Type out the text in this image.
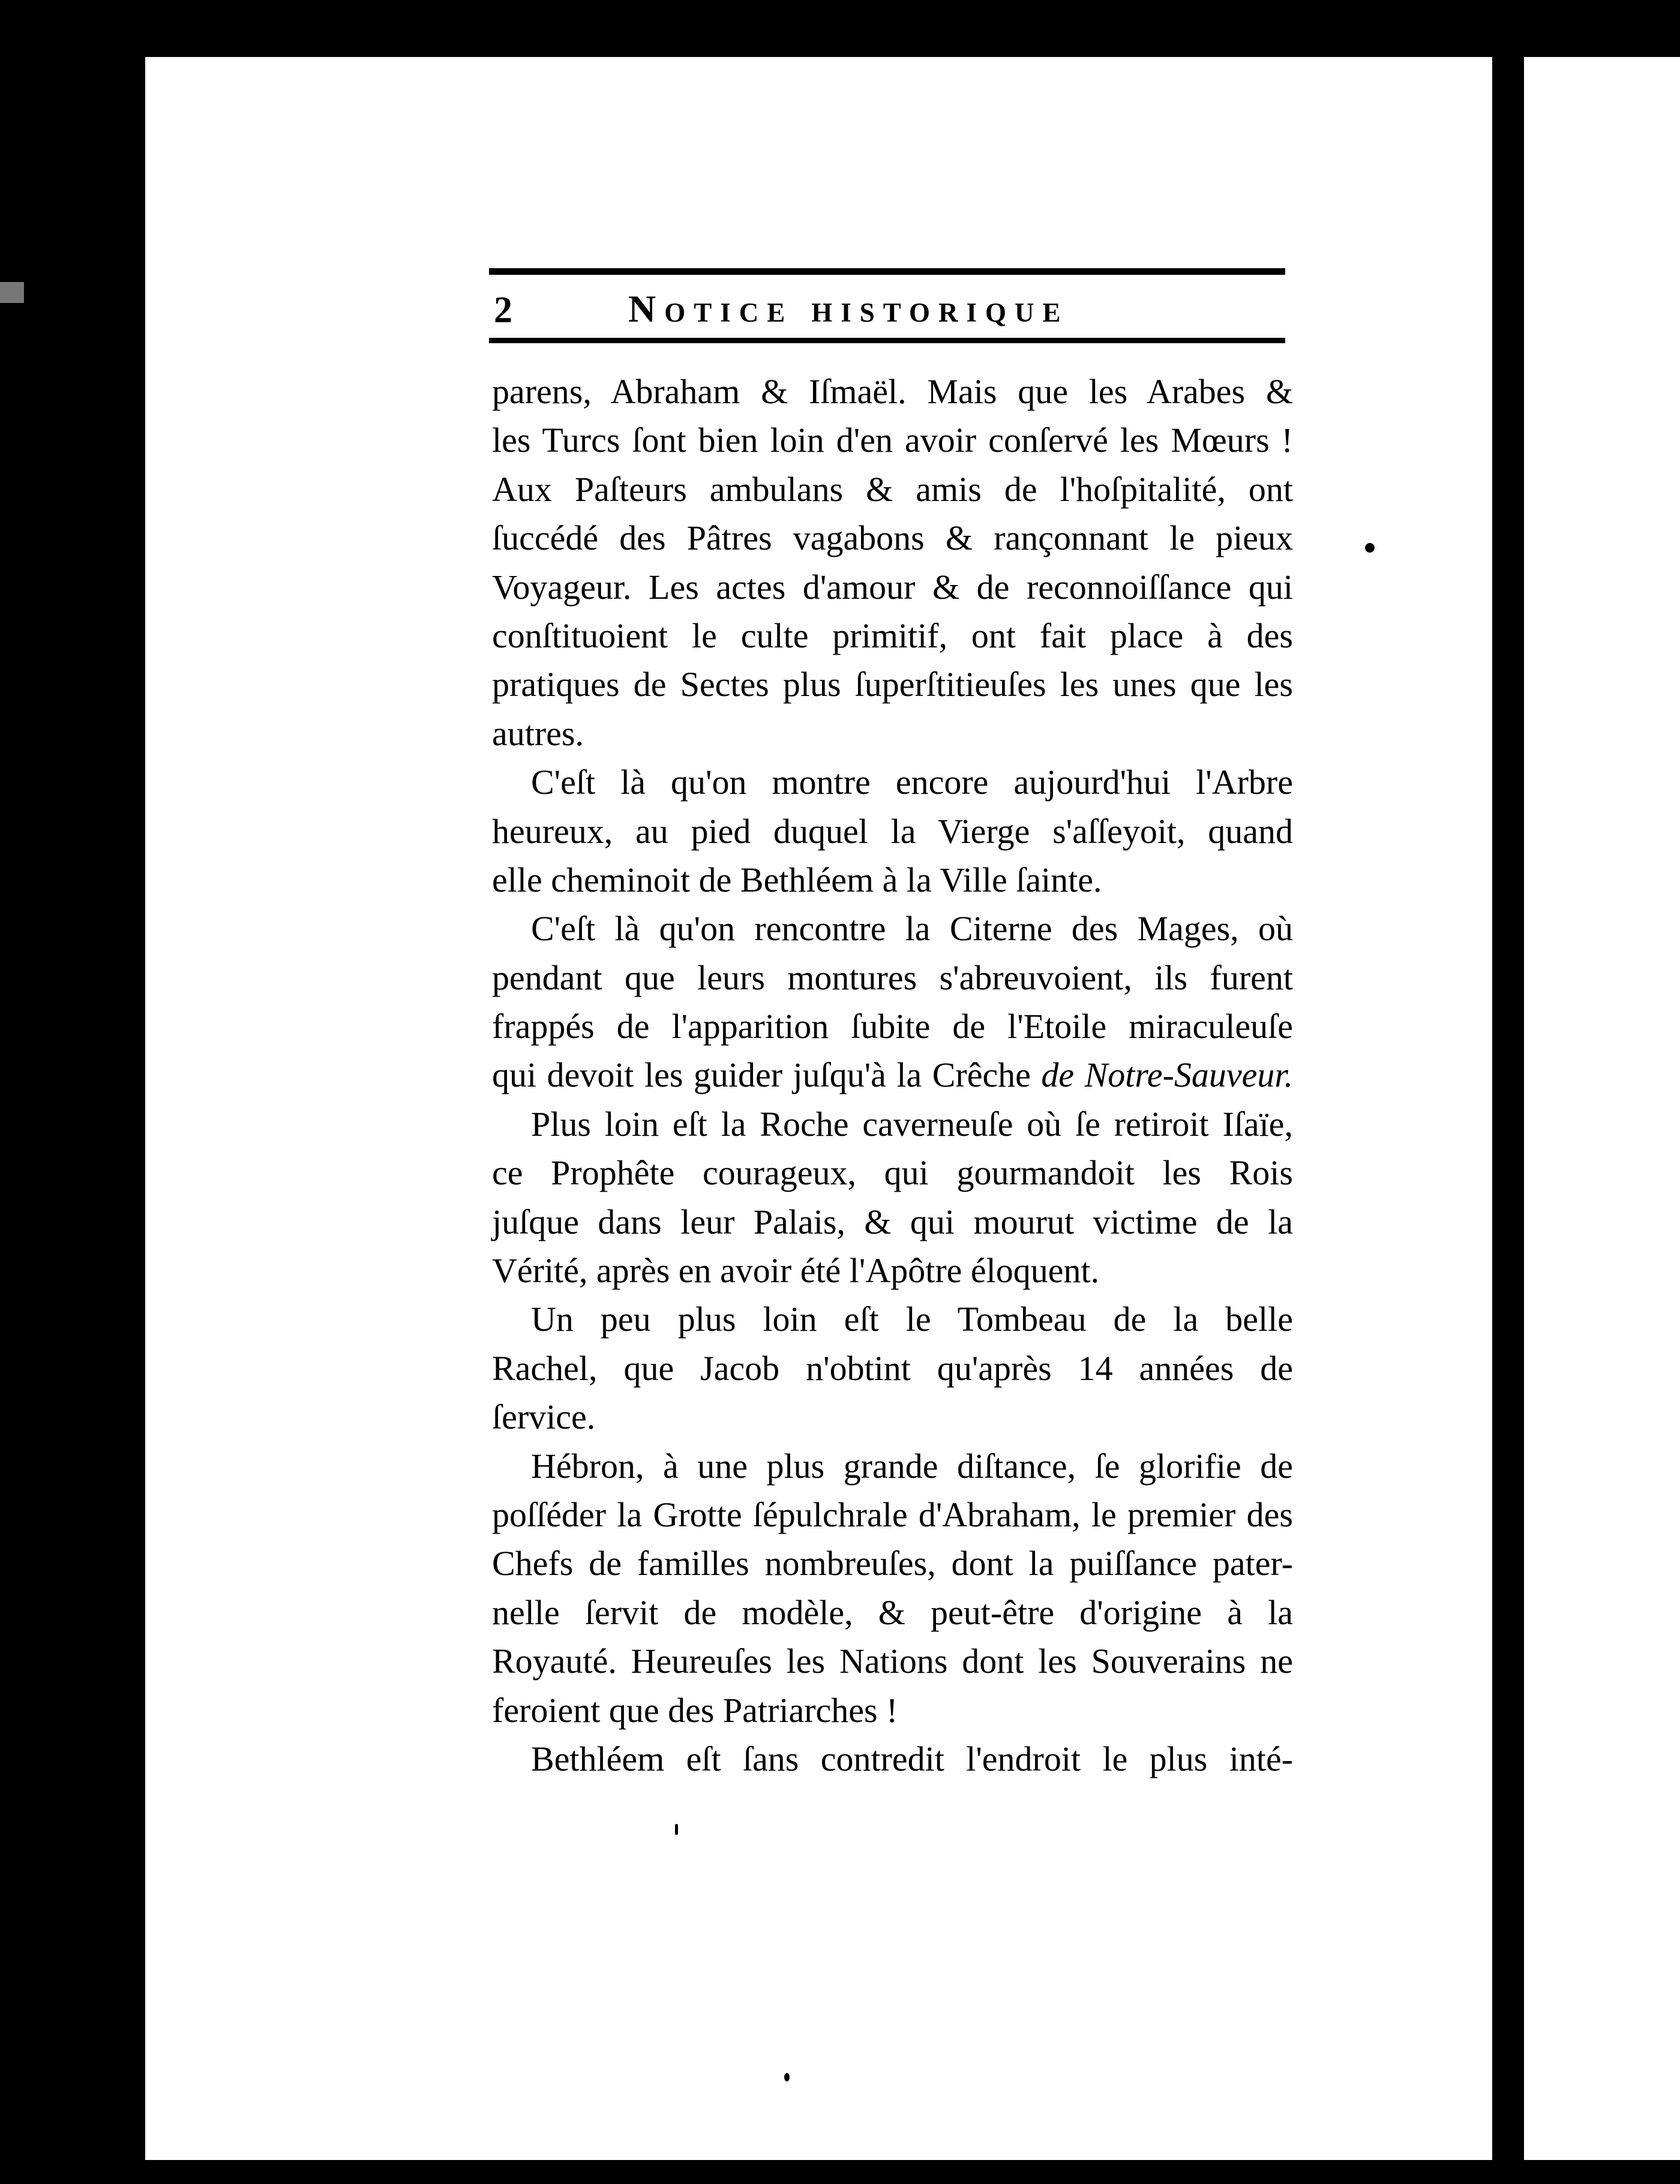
2	Notice historique
parens, Abraham & Iſmaël. Mais que les Arabes &
les Turcs ſont bien loin d'en avoir conſervé les Mœurs !
Aux Paſteurs ambulans & amis de l'hoſpitalité, ont
ſuccédé des Pâtres vagabons & rançonnant le pieux
Voyageur. Les actes d'amour & de reconnoiſſance qui
conſtituoient le culte primitif, ont fait place à des
pratiques de Sectes plus ſuperſtitieuſes les unes que les
autres.
C'eſt là qu'on montre encore aujourd'hui l'Arbre
heureux, au pied duquel la Vierge s'aſſeyoit, quand
elle cheminoit de Bethléem à la Ville ſainte.
C'eſt là qu'on rencontre la Citerne des Mages, où
pendant que leurs montures s'abreuvoient, ils furent
frappés de l'apparition ſubite de l'Etoile miraculeuſe
qui devoit les guider juſqu'à la Crêche de Notre-Sauveur.
Plus loin eſt la Roche caverneuſe où ſe retiroit Iſaïe,
ce Prophête courageux, qui gourmandoit les Rois
juſque dans leur Palais, & qui mourut victime de la
Vérité, après en avoir été l'Apôtre éloquent.
Un peu plus loin eſt le Tombeau de la belle
Rachel, que Jacob n'obtint qu'après 14 années de
ſervice.
Hébron, à une plus grande diſtance, ſe glorifie de
poſſéder la Grotte ſépulchrale d'Abraham, le premier des
Chefs de familles nombreuſes, dont la puiſſance pater-
nelle ſervit de modèle, & peut-être d'origine à la
Royauté. Heureuſes les Nations dont les Souverains ne
feroient que des Patriarches !
Bethléem eſt ſans contredit l'endroit le plus inté-
